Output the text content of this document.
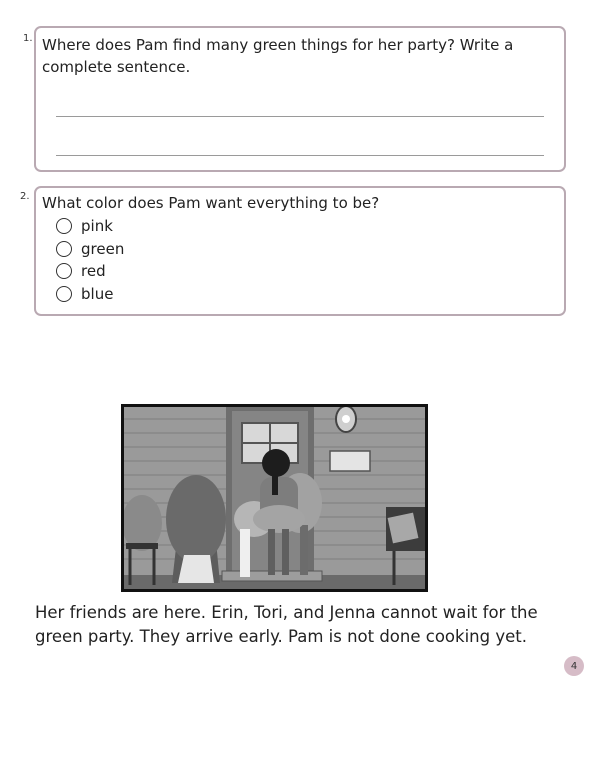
1. Where does Pam find many green things for her party? Write a complete sentence.
2. What color does Pam want everything to be?
pink
green
red
blue
Her friends are here. Erin, Tori, and Jenna cannot wait for the green party. They arrive early. Pam is not done cooking yet.
4
